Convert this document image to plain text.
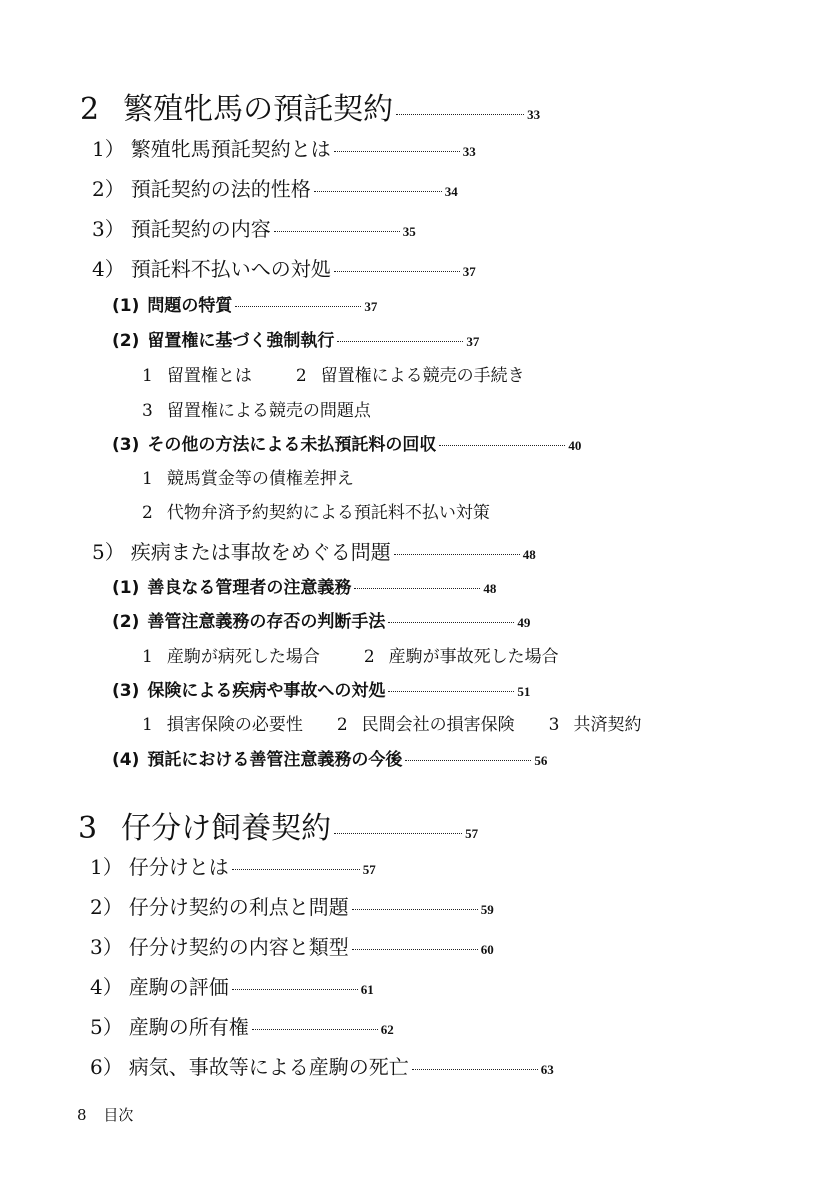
2 繁殖牝馬の預託契約	33
1） 繁殖牝馬預託契約とは	33
2） 預託契約の法的性格	34
3） 預託契約の内容	35
4） 預託料不払いへの対処	37
(1) 問題の特質	37
(2) 留置権に基づく強制執行	37
1 留置権とは	2 留置権による競売の手続き
3 留置権による競売の問題点
(3) その他の方法による未払預託料の回収	40
1 競馬賞金等の債権差押え
2 代物弁済予約契約による預託料不払い対策
5） 疾病または事故をめぐる問題	48
(1) 善良なる管理者の注意義務	48
(2) 善管注意義務の存否の判断手法	49
1 産駒が病死した場合	2 産駒が事故死した場合
(3) 保険による疾病や事故への対処	51
1 損害保険の必要性 2 民間会社の損害保険 3 共済契約
(4) 預託における善管注意義務の今後	56
3 仔分け飼養契約	57
1） 仔分けとは	57
2） 仔分け契約の利点と問題	59
3） 仔分け契約の内容と類型	60
4） 産駒の評価	61
5） 産駒の所有権	62
6） 病気、事故等による産駒の死亡	63
8 目次
